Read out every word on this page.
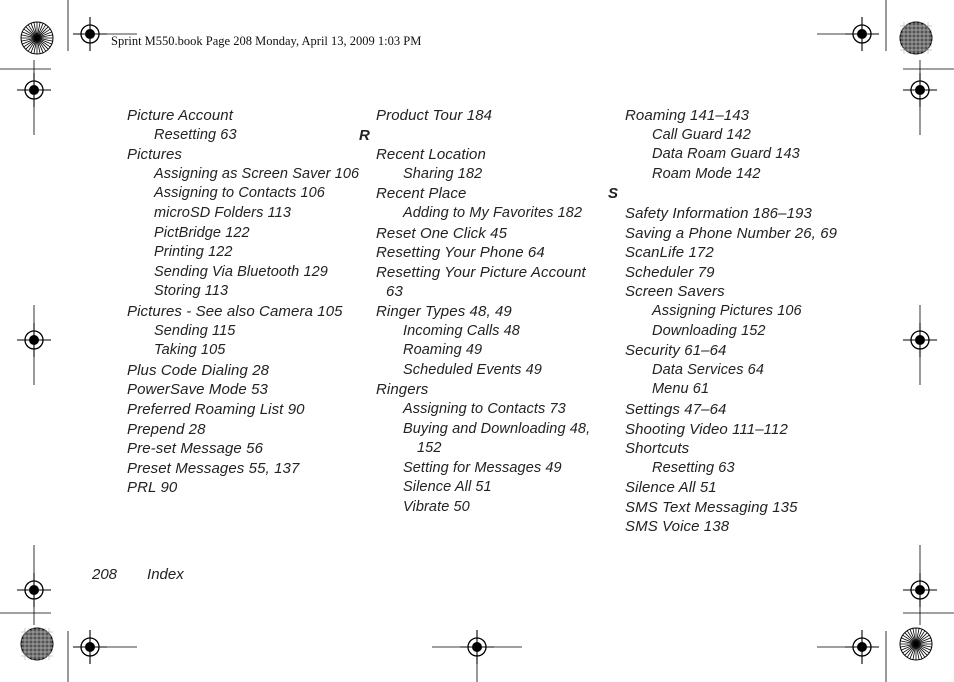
Sprint M550.book Page 208 Monday, April 13, 2009 1:03 PM
Picture Account
Resetting 63
Pictures
Assigning as Screen Saver 106
Assigning to Contacts 106
microSD Folders 113
PictBridge 122
Printing 122
Sending Via Bluetooth 129
Storing 113
Pictures - See also Camera 105
Sending 115
Taking 105
Plus Code Dialing 28
PowerSave Mode 53
Preferred Roaming List 90
Prepend 28
Pre-set Message 56
Preset Messages 55, 137
PRL 90
Product Tour 184
R
Recent Location
Sharing 182
Recent Place
Adding to My Favorites 182
Reset One Click 45
Resetting Your Phone 64
Resetting Your Picture Account 63
Ringer Types 48, 49
Incoming Calls 48
Roaming 49
Scheduled Events 49
Ringers
Assigning to Contacts 73
Buying and Downloading 48, 152
Setting for Messages 49
Silence All 51
Vibrate 50
Roaming 141–143
Call Guard 142
Data Roam Guard 143
Roam Mode 142
S
Safety Information 186–193
Saving a Phone Number 26, 69
ScanLife 172
Scheduler 79
Screen Savers
Assigning Pictures 106
Downloading 152
Security 61–64
Data Services 64
Menu 61
Settings 47–64
Shooting Video 111–112
Shortcuts
Resetting 63
Silence All 51
SMS Text Messaging 135
SMS Voice 138
208 Index
